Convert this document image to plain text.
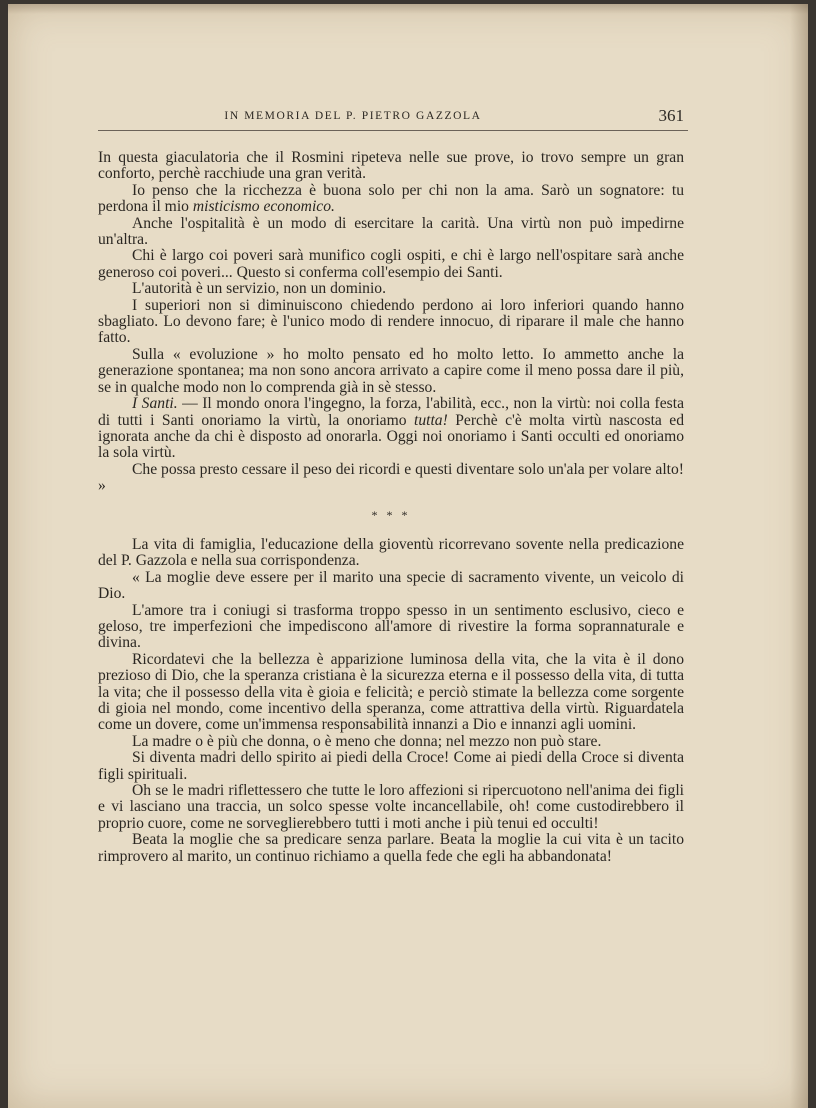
IN MEMORIA DEL P. PIETRO GAZZOLA	361

In questa giaculatoria che il Rosmini ripeteva nelle sue prove, io trovo sempre un gran conforto, perchè racchiude una gran verità.

Io penso che la ricchezza è buona solo per chi non la ama. Sarò un sognatore: tu perdona il mio misticismo economico.

Anche l'ospitalità è un modo di esercitare la carità. Una virtù non può impedirne un'altra.

Chi è largo coi poveri sarà munifico cogli ospiti, e chi è largo nell'ospitare sarà anche generoso coi poveri... Questo si conferma coll'esempio dei Santi.

L'autorità è un servizio, non un dominio.

I superiori non si diminuiscono chiedendo perdono ai loro inferiori quando hanno sbagliato. Lo devono fare; è l'unico modo di rendere innocuo, di riparare il male che hanno fatto.

Sulla « evoluzione » ho molto pensato ed ho molto letto. Io ammetto anche la generazione spontanea; ma non sono ancora arrivato a capire come il meno possa dare il più, se in qualche modo non lo comprenda già in sè stesso.

I Santi. — Il mondo onora l'ingegno, la forza, l'abilità, ecc., non la virtù: noi colla festa di tutti i Santi onoriamo la virtù, la onoriamo tutta! Perchè c'è molta virtù nascosta ed ignorata anche da chi è disposto ad onorarla. Oggi noi onoriamo i Santi occulti ed onoriamo la sola virtù.

Che possa presto cessare il peso dei ricordi e questi diventare solo un'ala per volare alto! »

* * *

La vita di famiglia, l'educazione della gioventù ricorrevano sovente nella predicazione del P. Gazzola e nella sua corrispondenza.

« La moglie deve essere per il marito una specie di sacramento vivente, un veicolo di Dio.

L'amore tra i coniugi si trasforma troppo spesso in un sentimento esclusivo, cieco e geloso, tre imperfezioni che impediscono all'amore di rivestire la forma soprannaturale e divina.

Ricordatevi che la bellezza è apparizione luminosa della vita, che la vita è il dono prezioso di Dio, che la speranza cristiana è la sicurezza eterna e il possesso della vita, di tutta la vita; che il possesso della vita è gioia e felicità; e perciò stimate la bellezza come sorgente di gioia nel mondo, come incentivo della speranza, come attrattiva della virtù. Riguardatela come un dovere, come un'immensa responsabilità innanzi a Dio e innanzi agli uomini.

La madre o è più che donna, o è meno che donna; nel mezzo non può stare.

Si diventa madri dello spirito ai piedi della Croce! Come ai piedi della Croce si diventa figli spirituali.

Oh se le madri riflettessero che tutte le loro affezioni si ripercuotono nell'anima dei figli e vi lasciano una traccia, un solco spesse volte incancellabile, oh! come custodirebbero il proprio cuore, come ne sorveglierebbero tutti i moti anche i più tenui ed occulti!

Beata la moglie che sa predicare senza parlare. Beata la moglie la cui vita è un tacito rimprovero al marito, un continuo richiamo a quella fede che egli ha abbandonata!
